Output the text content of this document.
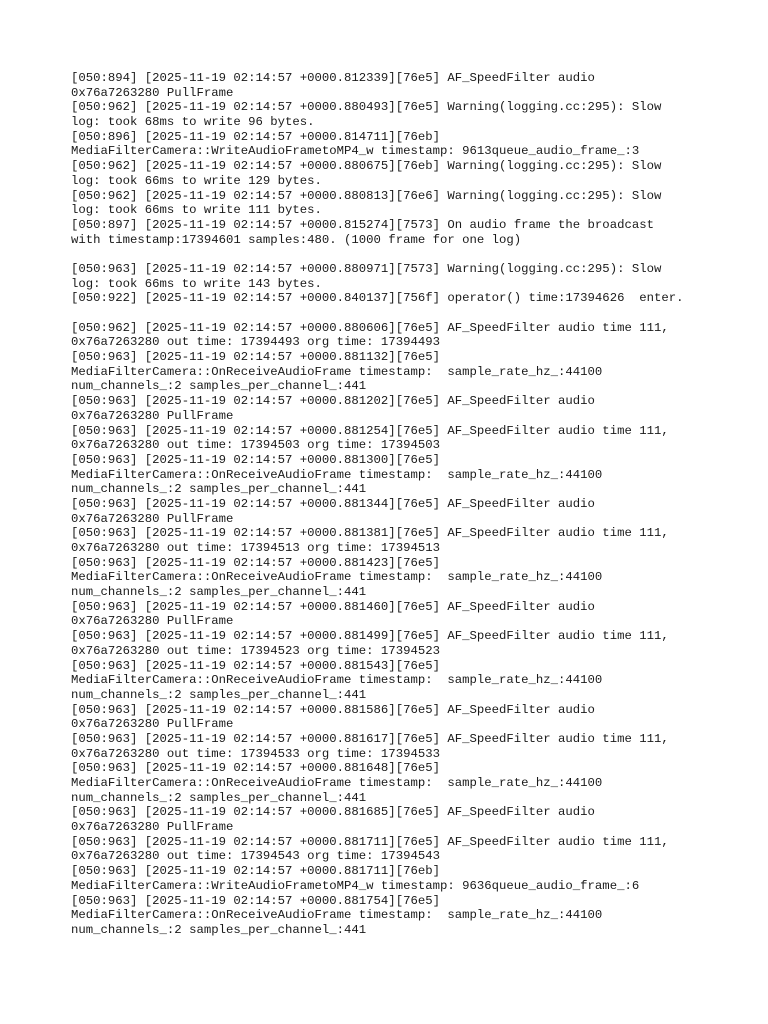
[050:894] [2025-11-19 02:14:57 +0000.812339][76e5] AF_SpeedFilter audio
0x76a7263280 PullFrame
[050:962] [2025-11-19 02:14:57 +0000.880493][76e5] Warning(logging.cc:295): Slow
log: took 68ms to write 96 bytes.
[050:896] [2025-11-19 02:14:57 +0000.814711][76eb]
MediaFilterCamera::WriteAudioFrametoMP4_w timestamp: 9613queue_audio_frame_:3
[050:962] [2025-11-19 02:14:57 +0000.880675][76eb] Warning(logging.cc:295): Slow
log: took 66ms to write 129 bytes.
[050:962] [2025-11-19 02:14:57 +0000.880813][76e6] Warning(logging.cc:295): Slow
log: took 66ms to write 111 bytes.
[050:897] [2025-11-19 02:14:57 +0000.815274][7573] On audio frame the broadcast
with timestamp:17394601 samples:480. (1000 frame for one log)
[050:963] [2025-11-19 02:14:57 +0000.880971][7573] Warning(logging.cc:295): Slow
log: took 66ms to write 143 bytes.
[050:922] [2025-11-19 02:14:57 +0000.840137][756f] operator() time:17394626  enter.
[050:962] [2025-11-19 02:14:57 +0000.880606][76e5] AF_SpeedFilter audio time 111,
0x76a7263280 out time: 17394493 org time: 17394493
[050:963] [2025-11-19 02:14:57 +0000.881132][76e5]
MediaFilterCamera::OnReceiveAudioFrame timestamp:  sample_rate_hz_:44100
num_channels_:2 samples_per_channel_:441
[050:963] [2025-11-19 02:14:57 +0000.881202][76e5] AF_SpeedFilter audio
0x76a7263280 PullFrame
[050:963] [2025-11-19 02:14:57 +0000.881254][76e5] AF_SpeedFilter audio time 111,
0x76a7263280 out time: 17394503 org time: 17394503
[050:963] [2025-11-19 02:14:57 +0000.881300][76e5]
MediaFilterCamera::OnReceiveAudioFrame timestamp:  sample_rate_hz_:44100
num_channels_:2 samples_per_channel_:441
[050:963] [2025-11-19 02:14:57 +0000.881344][76e5] AF_SpeedFilter audio
0x76a7263280 PullFrame
[050:963] [2025-11-19 02:14:57 +0000.881381][76e5] AF_SpeedFilter audio time 111,
0x76a7263280 out time: 17394513 org time: 17394513
[050:963] [2025-11-19 02:14:57 +0000.881423][76e5]
MediaFilterCamera::OnReceiveAudioFrame timestamp:  sample_rate_hz_:44100
num_channels_:2 samples_per_channel_:441
[050:963] [2025-11-19 02:14:57 +0000.881460][76e5] AF_SpeedFilter audio
0x76a7263280 PullFrame
[050:963] [2025-11-19 02:14:57 +0000.881499][76e5] AF_SpeedFilter audio time 111,
0x76a7263280 out time: 17394523 org time: 17394523
[050:963] [2025-11-19 02:14:57 +0000.881543][76e5]
MediaFilterCamera::OnReceiveAudioFrame timestamp:  sample_rate_hz_:44100
num_channels_:2 samples_per_channel_:441
[050:963] [2025-11-19 02:14:57 +0000.881586][76e5] AF_SpeedFilter audio
0x76a7263280 PullFrame
[050:963] [2025-11-19 02:14:57 +0000.881617][76e5] AF_SpeedFilter audio time 111,
0x76a7263280 out time: 17394533 org time: 17394533
[050:963] [2025-11-19 02:14:57 +0000.881648][76e5]
MediaFilterCamera::OnReceiveAudioFrame timestamp:  sample_rate_hz_:44100
num_channels_:2 samples_per_channel_:441
[050:963] [2025-11-19 02:14:57 +0000.881685][76e5] AF_SpeedFilter audio
0x76a7263280 PullFrame
[050:963] [2025-11-19 02:14:57 +0000.881711][76e5] AF_SpeedFilter audio time 111,
0x76a7263280 out time: 17394543 org time: 17394543
[050:963] [2025-11-19 02:14:57 +0000.881711][76eb]
MediaFilterCamera::WriteAudioFrametoMP4_w timestamp: 9636queue_audio_frame_:6
[050:963] [2025-11-19 02:14:57 +0000.881754][76e5]
MediaFilterCamera::OnReceiveAudioFrame timestamp:  sample_rate_hz_:44100
num_channels_:2 samples_per_channel_:441
